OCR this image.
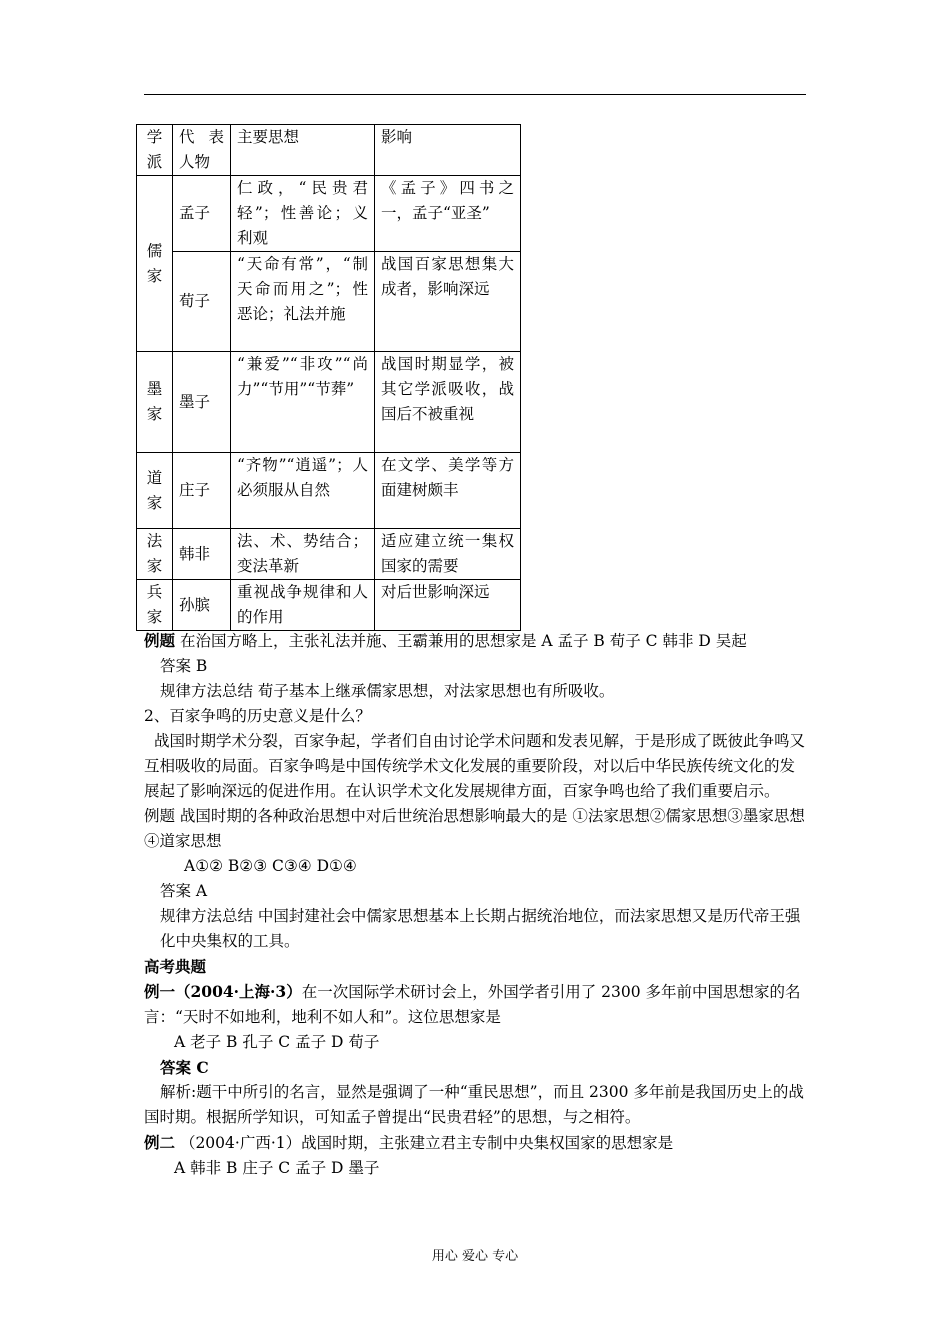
学派	代表人物	主要思想	影响
儒家	孟子	仁政，“民贵君轻”；性善论；义利观	《孟子》四书之一，孟子“亚圣”
	荀子	“天命有常”，“制天命而用之”；性恶论；礼法并施	战国百家思想集大成者，影响深远
墨家	墨子	“兼爱”“非攻”“尚力”“节用”“节葬”	战国时期显学，被其它学派吸收，战国后不被重视
道家	庄子	“齐物”“逍遥”；人必须服从自然	在文学、美学等方面建树颇丰
法家	韩非	法、术、势结合；变法革新	适应建立统一集权国家的需要
兵家	孙膑	重视战争规律和人的作用	对后世影响深远

例题 在治国方略上，主张礼法并施、王霸兼用的思想家是 A 孟子 B 荀子 C 韩非 D 吴起

答案 B

规律方法总结 荀子基本上继承儒家思想，对法家思想也有所吸收。

2、百家争鸣的历史意义是什么？

战国时期学术分裂，百家争起，学者们自由讨论学术问题和发表见解，于是形成了既彼此争鸣又互相吸收的局面。百家争鸣是中国传统学术文化发展的重要阶段，对以后中华民族传统文化的发展起了影响深远的促进作用。在认识学术文化发展规律方面，百家争鸣也给了我们重要启示。

例题 战国时期的各种政治思想中对后世统治思想影响最大的是 ①法家思想②儒家思想③墨家思想④道家思想

A①② B②③ C③④ D①④

答案 A

规律方法总结 中国封建社会中儒家思想基本上长期占据统治地位，而法家思想又是历代帝王强化中央集权的工具。

高考典题

例一（2004·上海·3）在一次国际学术研讨会上，外国学者引用了 2300 多年前中国思想家的名言：“天时不如地利，地利不如人和”。这位思想家是

A 老子 B 孔子 C 孟子 D 荀子

答案 C

解析:题干中所引的名言，显然是强调了一种“重民思想”，而且 2300 多年前是我国历史上的战国时期。根据所学知识，可知孟子曾提出“民贵君轻”的思想，与之相符。

例二 （2004·广西·1）战国时期，主张建立君主专制中央集权国家的思想家是

A 韩非 B 庄子 C 孟子 D 墨子

用心 爱心 专心
